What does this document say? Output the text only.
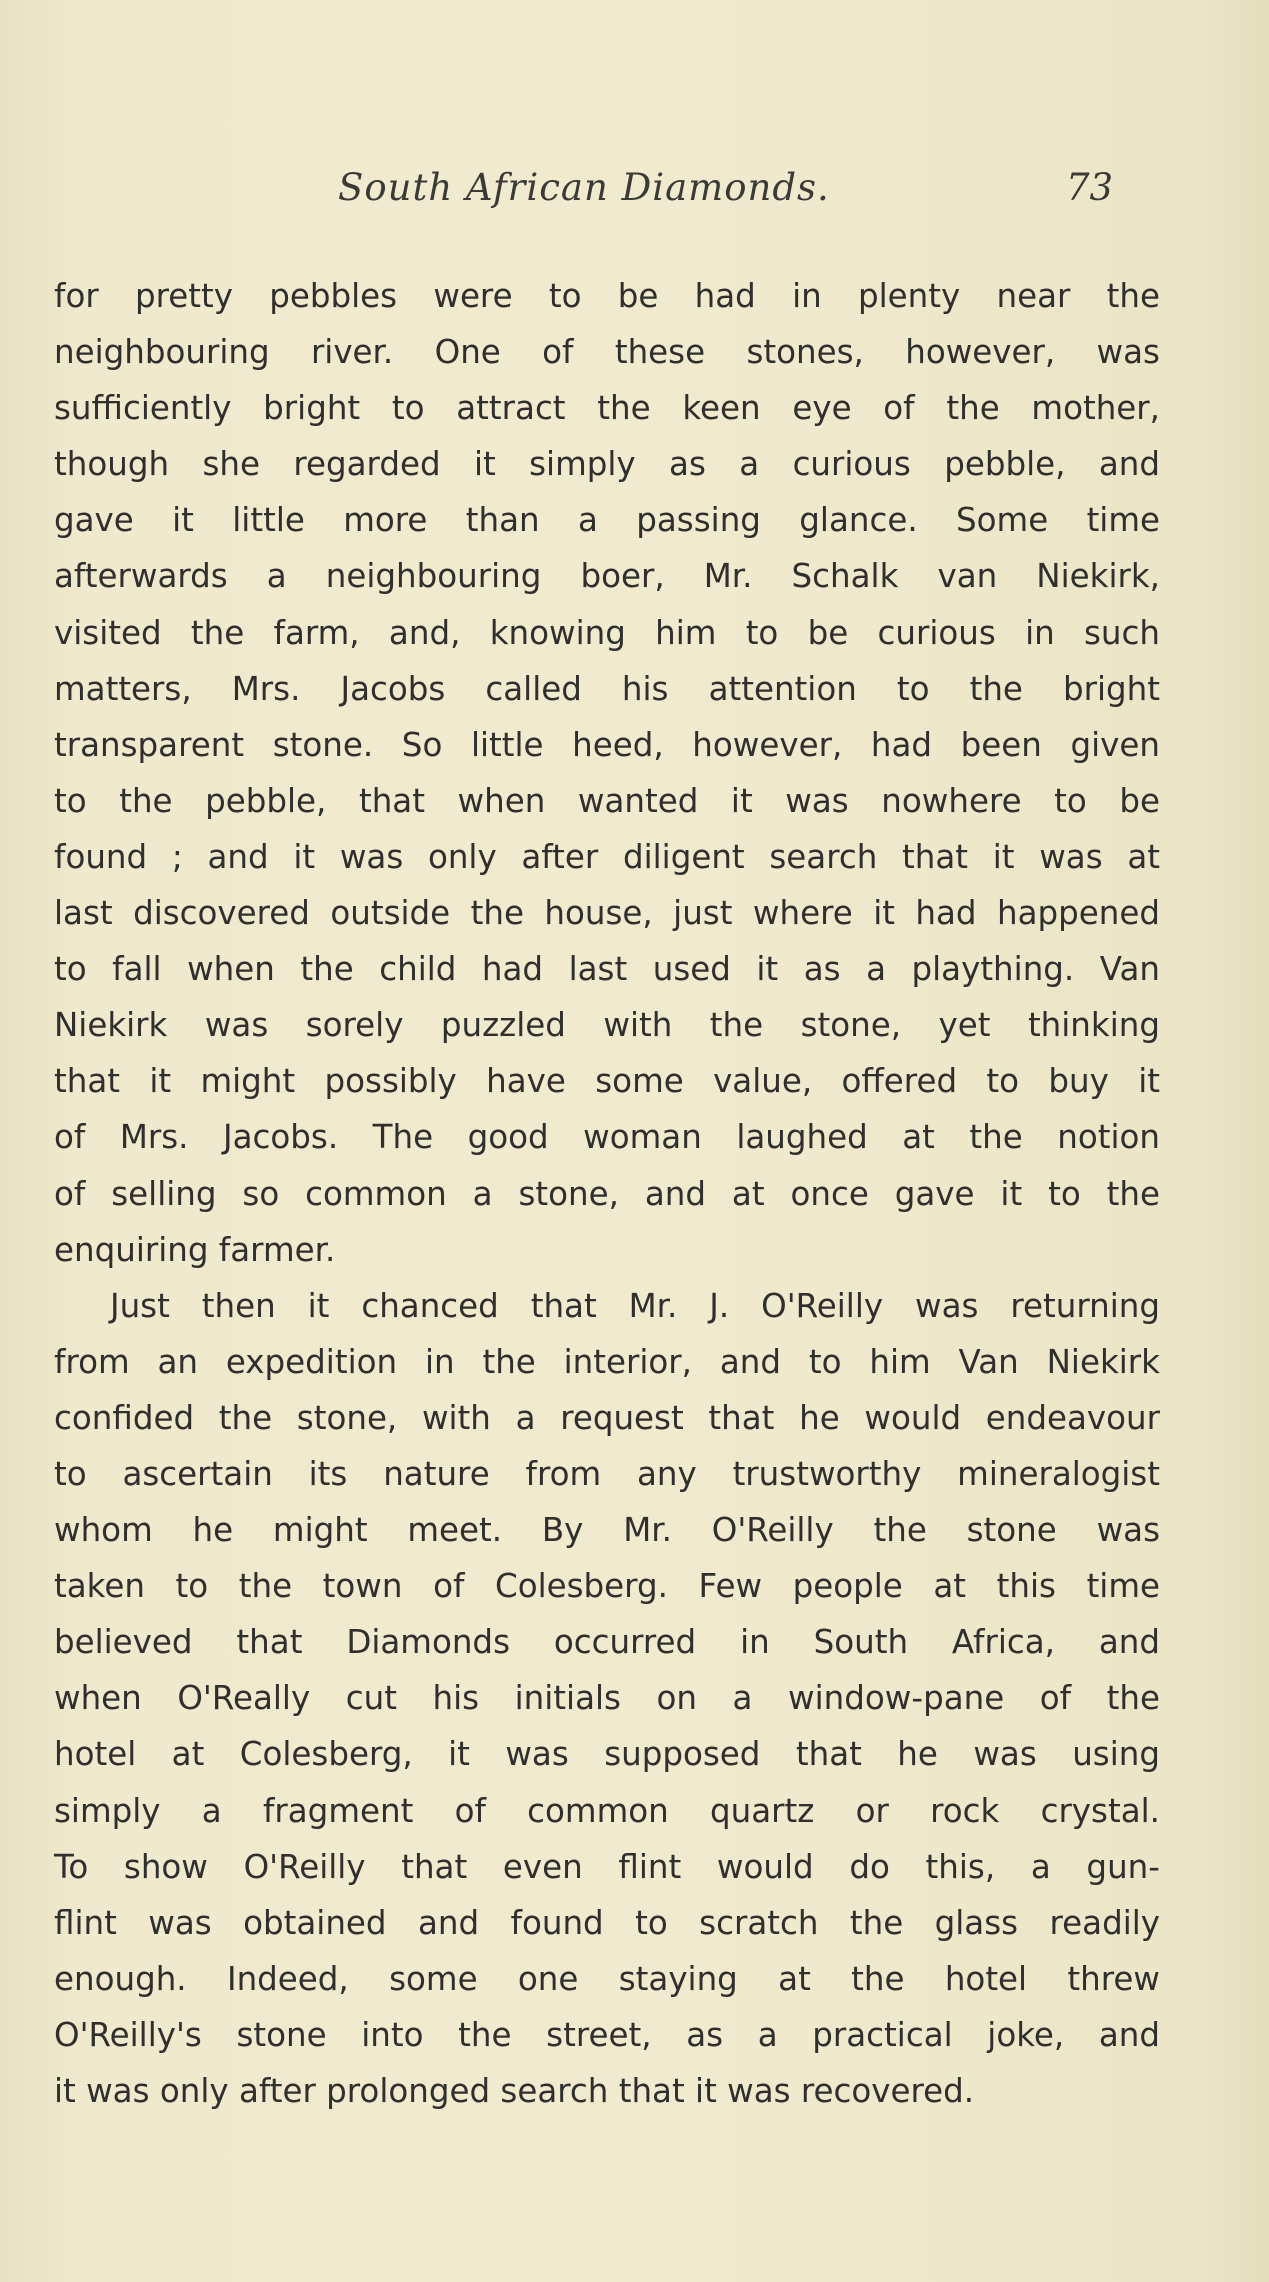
South African Diamonds.	73
for pretty pebbles were to be had in plenty near the
neighbouring river. One of these stones, however, was
sufficiently bright to attract the keen eye of the mother,
though she regarded it simply as a curious pebble, and
gave it little more than a passing glance. Some time
afterwards a neighbouring boer, Mr. Schalk van Niekirk,
visited the farm, and, knowing him to be curious in such
matters, Mrs. Jacobs called his attention to the bright
transparent stone. So little heed, however, had been given
to the pebble, that when wanted it was nowhere to be
found ; and it was only after diligent search that it was at
last discovered outside the house, just where it had happened
to fall when the child had last used it as a plaything. Van
Niekirk was sorely puzzled with the stone, yet thinking
that it might possibly have some value, offered to buy it
of Mrs. Jacobs. The good woman laughed at the notion
of selling so common a stone, and at once gave it to the
enquiring farmer.
Just then it chanced that Mr. J. O'Reilly was returning
from an expedition in the interior, and to him Van Niekirk
confided the stone, with a request that he would endeavour
to ascertain its nature from any trustworthy mineralogist
whom he might meet. By Mr. O'Reilly the stone was
taken to the town of Colesberg. Few people at this time
believed that Diamonds occurred in South Africa, and
when O'Really cut his initials on a window-pane of the
hotel at Colesberg, it was supposed that he was using
simply a fragment of common quartz or rock crystal.
To show O'Reilly that even flint would do this, a gun-
flint was obtained and found to scratch the glass readily
enough. Indeed, some one staying at the hotel threw
O'Reilly's stone into the street, as a practical joke, and
it was only after prolonged search that it was recovered.
